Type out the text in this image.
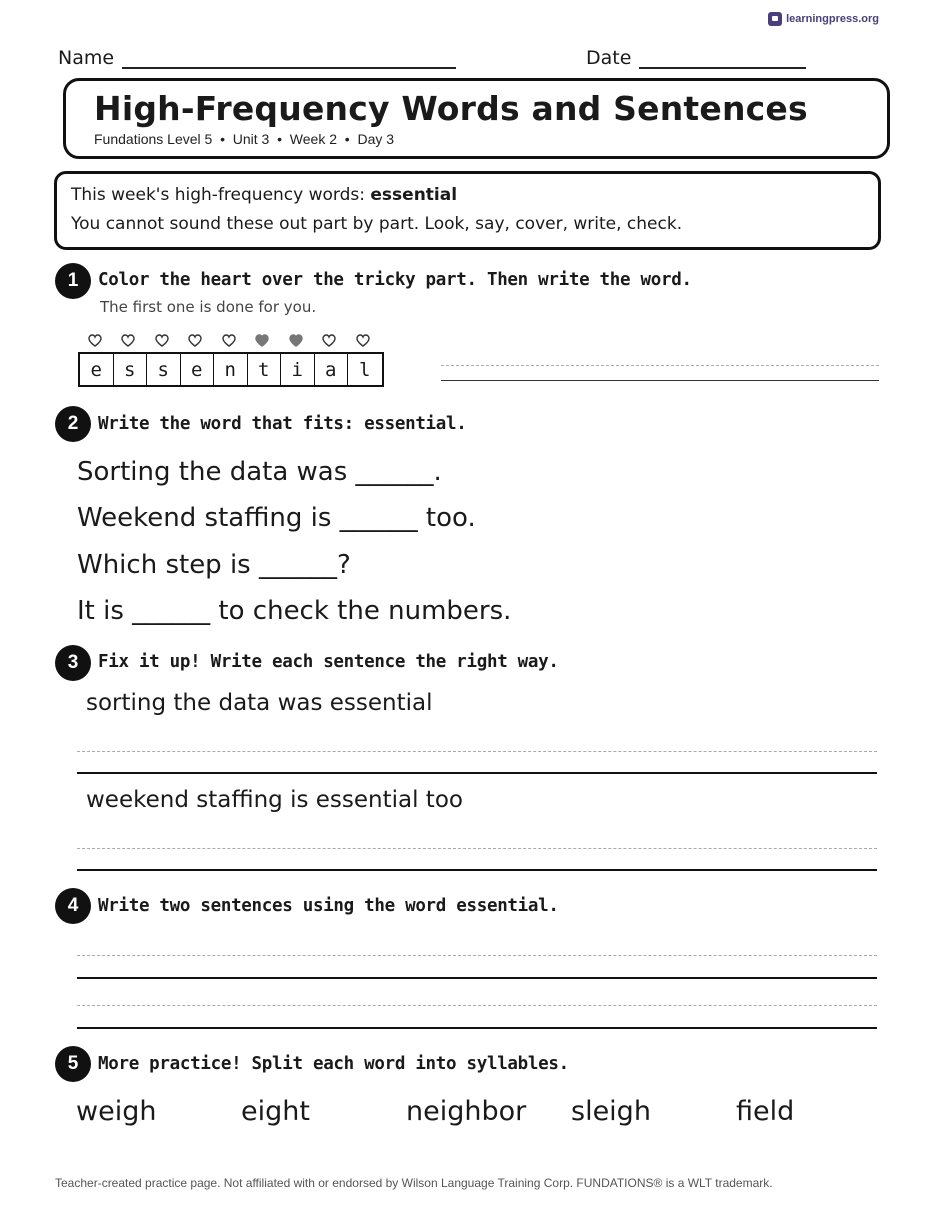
learningpress.org
Name	Date
High-Frequency Words and Sentences
Fundations Level 5  •  Unit 3  •  Week 2  •  Day 3
This week's high-frequency words: essential
You cannot sound these out part by part. Look, say, cover, write, check.
1	Color the heart over the tricky part. Then write the word.
The first one is done for you.
e	s	s	e	n	t	i	a	l
2	Write the word that fits: essential.
Sorting the data was ______.
Weekend staffing is ______ too.
Which step is ______?
It is ______ to check the numbers.
3	Fix it up! Write each sentence the right way.
sorting the data was essential
weekend staffing is essential too
4	Write two sentences using the word essential.
5	More practice! Split each word into syllables.
weigh	eight	neighbor sleigh	field
Teacher-created practice page. Not affiliated with or endorsed by Wilson Language Training Corp. FUNDATIONS® is a WLT trademark.
